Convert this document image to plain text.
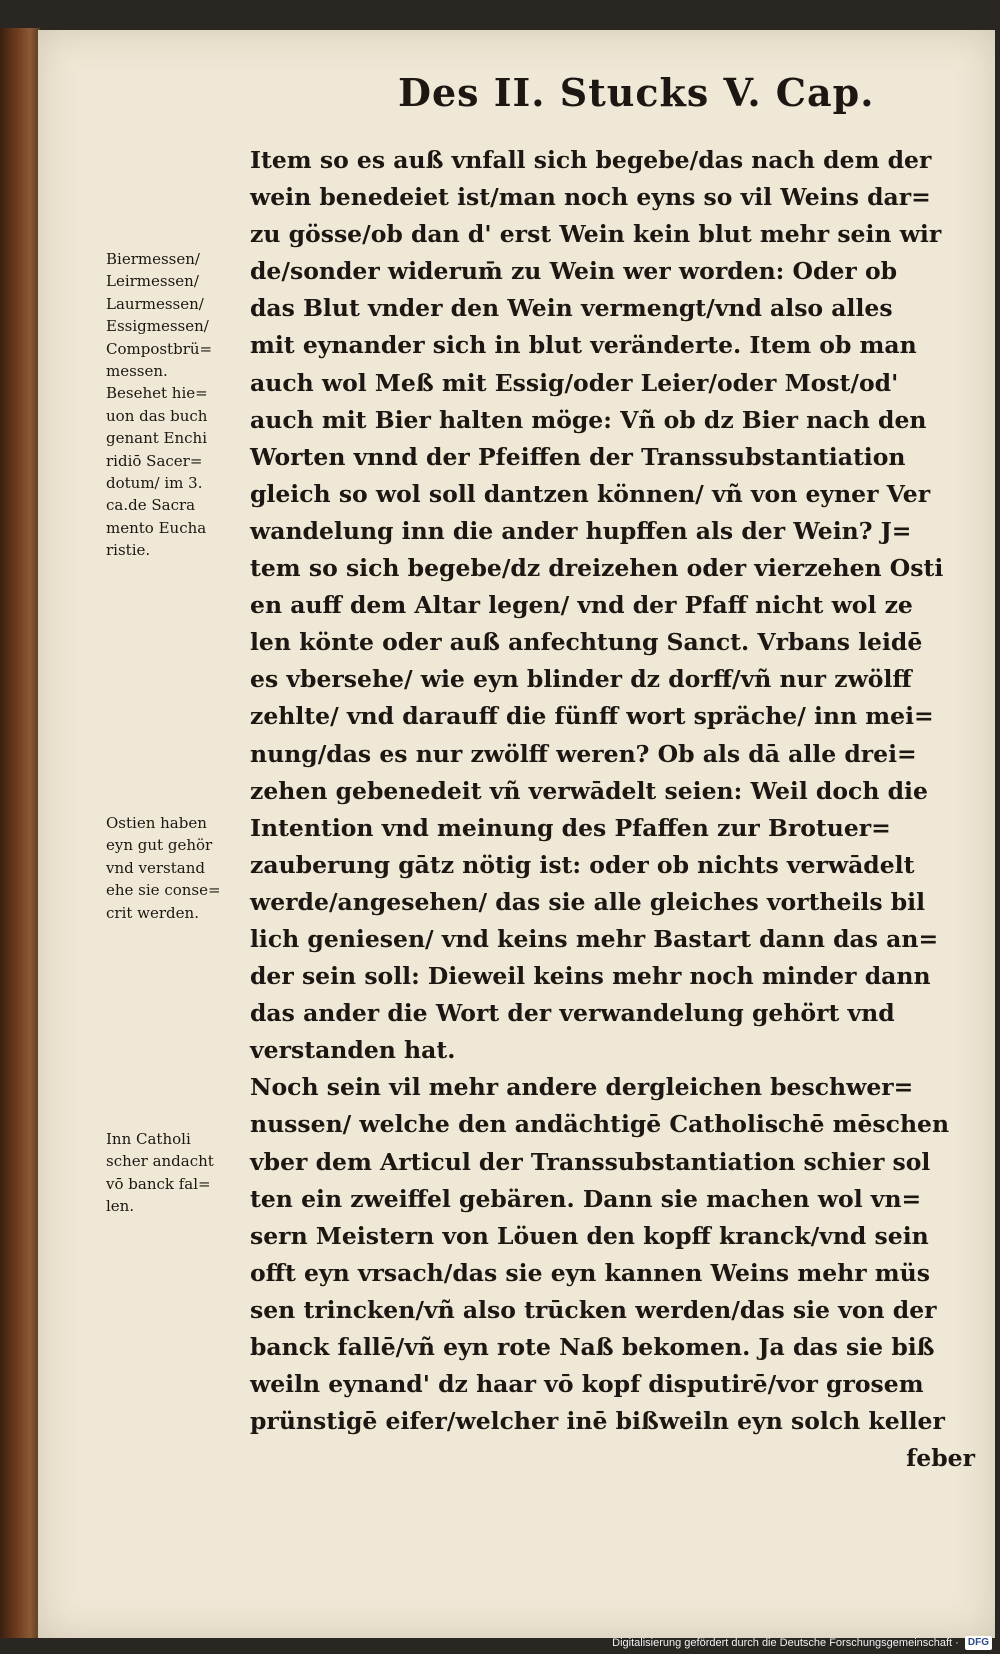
Des II. Stucks V. Cap.
Biermessen/
Leirmessen/
Laurmessen/
Essigmessen/
Compostbrü=
messen.
Besehet hie=
uon das buch
genant Enchi
ridiō Sacer=
dotum/ im 3.
ca.de Sacra
mento Eucha
ristie.
Ostien haben
eyn gut gehör
vnd verstand
ehe sie conse=
crit werden.
Inn Catholi
scher andacht
vō banck fal=
len.
Item so es auß vnfall sich begebe/das nach dem der
wein benedeiet ist/man noch eyns so vil Weins dar=
zu gösse/ob dan d' erst Wein kein blut mehr sein wir
de/sonder widerum̄ zu Wein wer worden: Oder ob
das Blut vnder den Wein vermengt/vnd also alles
mit eynander sich in blut veränderte. Item ob man
auch wol Meß mit Essig/oder Leier/oder Most/od'
auch mit Bier halten möge: Vñ ob dz Bier nach den
Worten vnnd der Pfeiffen der Transsubstantiation
gleich so wol soll dantzen können/ vñ von eyner Ver
wandelung inn die ander hupffen als der Wein? J=
tem so sich begebe/dz dreizehen oder vierzehen Osti
en auff dem Altar legen/ vnd der Pfaff nicht wol ze
len könte oder auß anfechtung Sanct. Vrbans leidē
es vbersehe/ wie eyn blinder dz dorff/vñ nur zwölff
zehlte/ vnd darauff die fünff wort spräche/ inn mei=
nung/das es nur zwölff weren? Ob als dā alle drei=
zehen gebenedeit vñ verwādelt seien: Weil doch die
Intention vnd meinung des Pfaffen zur Brotuer=
zauberung gātz nötig ist: oder ob nichts verwādelt
werde/angesehen/ das sie alle gleiches vortheils bil
lich geniesen/ vnd keins mehr Bastart dann das an=
der sein soll: Dieweil keins mehr noch minder dann
das ander die Wort der verwandelung gehört vnd
verstanden hat.
Noch sein vil mehr andere dergleichen beschwer=
nussen/ welche den andächtigē Catholischē mēschen
vber dem Articul der Transsubstantiation schier sol
ten ein zweiffel gebären. Dann sie machen wol vn=
sern Meistern von Löuen den kopff kranck/vnd sein
offt eyn vrsach/das sie eyn kannen Weins mehr müs
sen trincken/vñ also trūcken werden/das sie von der
banck fallē/vñ eyn rote Naß bekomen. Ja das sie biß
weiln eynand' dz haar vō kopf disputirē/vor grosem
prünstigē eifer/welcher inē bißweiln eyn solch keller
feber
Digitalisierung gefördert durch die Deutsche Forschungsgemeinschaft · DFG
